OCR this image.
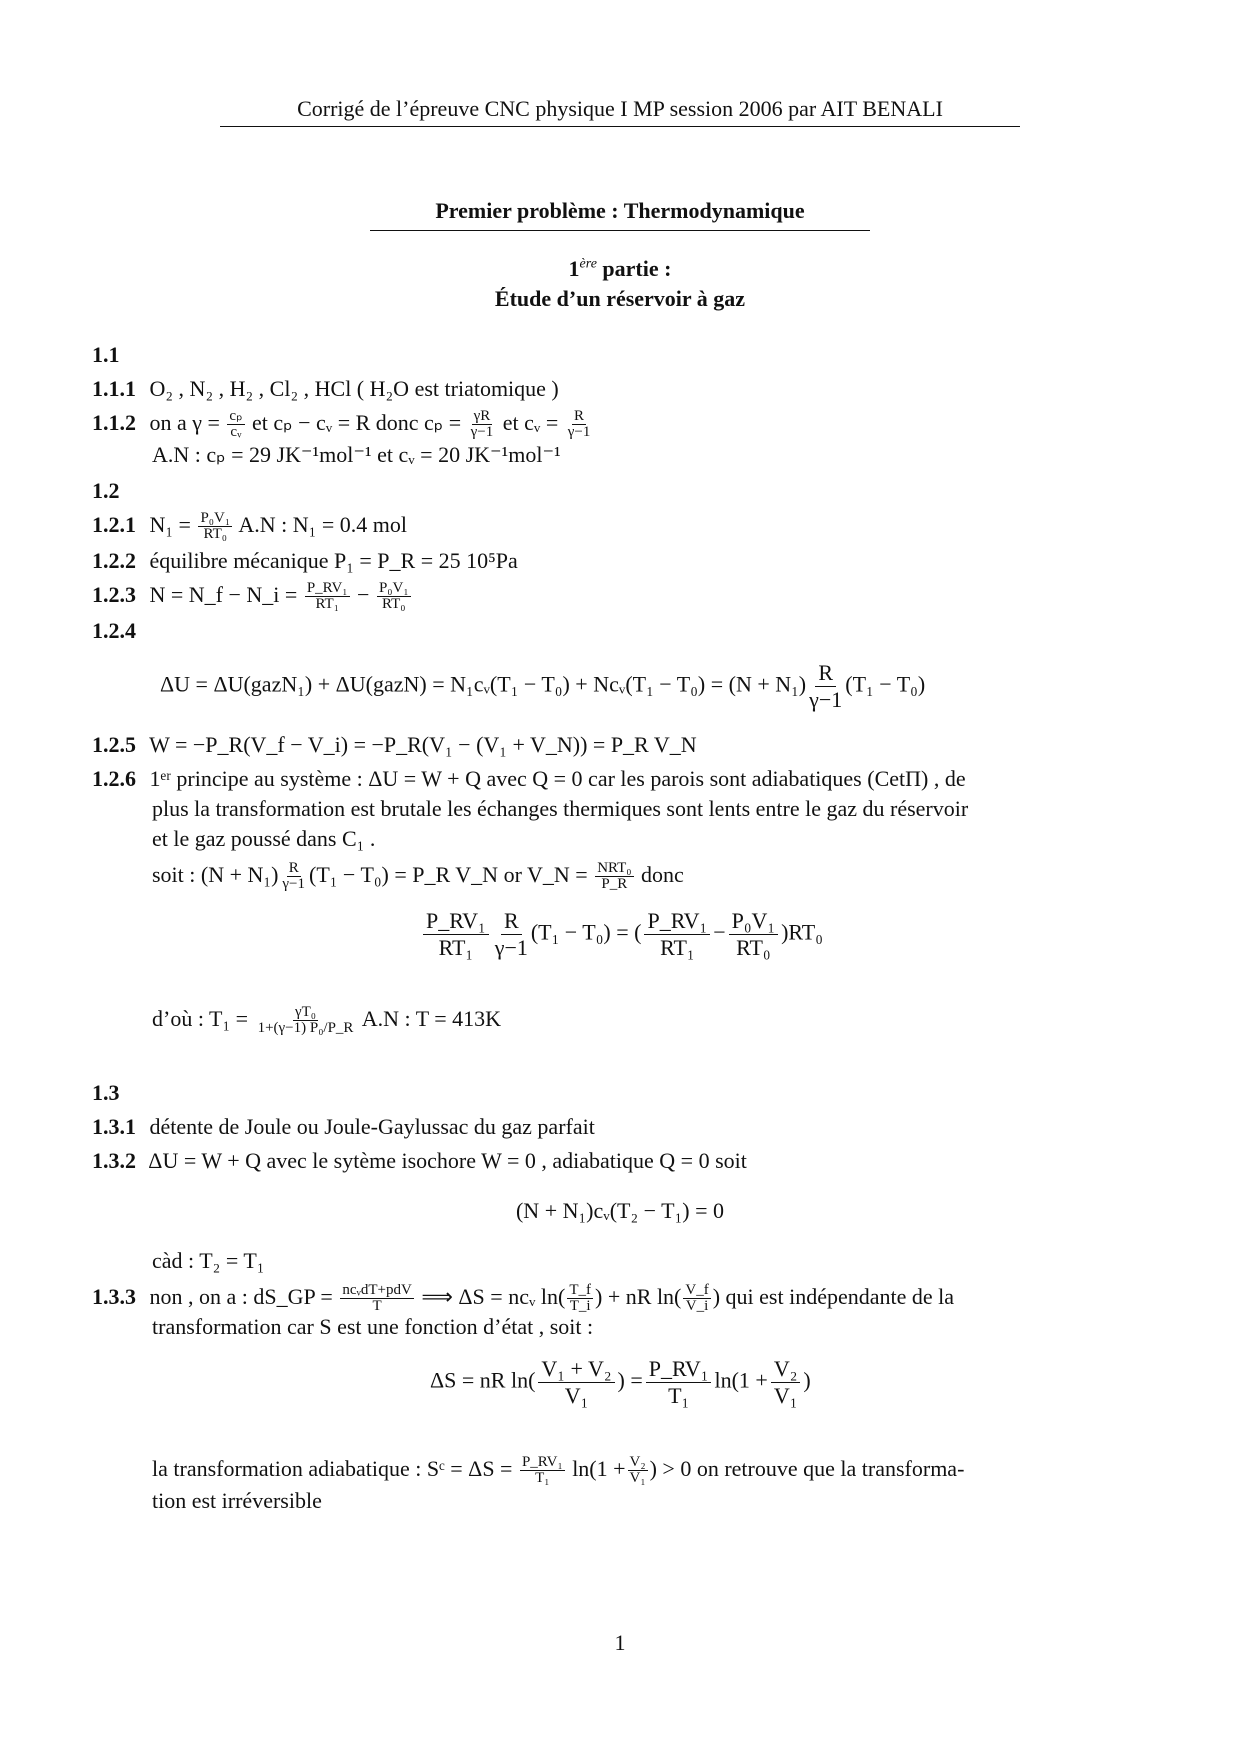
Corrigé de l’épreuve CNC physique I MP session 2006 par AIT BENALI
Premier problème : Thermodynamique
1ère partie :
Étude d’un réservoir à gaz
1.1
1.1.1 O₂ , N₂ , H₂ , Cl₂ , HCl ( H₂O est triatomique )
1.1.2 on a $\gamma = \frac{\text{cₚ}}{\text{cᵥ}}$ et cₚ − cᵥ = R donc $c_p = \frac{\gamma R}{\gamma-1}$ et cᵥ = $\frac{R}{\gamma-1}$
A.N : cₚ = 29 JK⁻¹mol⁻¹ et cᵥ = 20 JK⁻¹mol⁻¹
1.2
1.2.1 $N_1 = \frac{\text{P₀V₁}}{\text{RT₀}} A.N$ : N₁ = 0.4 mol
1.2.2 équilibre mécanique P₁ = P_R = 25 10⁵Pa
1.2.3 N = N_f − N_i = $\frac{\text{P\_RV₁}}{\text{RT₁}} - \frac{\text{P₀V₁}}{\text{RT₀}}$
1.2.4
ΔU = ΔU(gazN₁) + ΔU(gazN) = N₁cᵥ(T₁ − T₀) + Ncᵥ(T₁ − $T_0) = (N + N_1) \frac{R}{\gamma-1} (T_1 - T_0)$
1.2.5 W = −P_R(V_f − V_i) = −P_R(V₁ − (V₁ + V_N)) = P_R V_N
1.2.6 1ᵉʳ principe au système : ΔU = W + Q avec Q = 0 car les parois sont adiabatiques (CetΠ) , de
plus la transformation est brutale les échanges thermiques sont lents entre le gaz du réservoir
et le gaz poussé dans C₁ .
soit : $(N + N_1) \frac{R}{\gamma-1} (T_1 - T_0)$ = P_R V_N or V_N = NRT₀
P_R donc
$\frac{\text{P\_RV₁}}{\text{RT₁}} \frac{R}{\gamma-1} (T_1 - T_0)$ = ( $\frac{\text{P\_RV₁}}{\text{RT₁}} - \frac{\text{P₀V₁}}{\text{RT₀}} )RT_0$
d’où : $T_1 = \frac{\text{γT₀}}{\text{1+(γ−1) P₀/P\_R}} A.N$ : T = 413K
1.3
1.3.1 détente de Joule ou Joule-Gaylussac du gaz parfait
1.3.2 ΔU = W + Q avec le sytème isochore W = 0 , adiabatique Q = 0 soit
(N + N₁)cᵥ(T₂ − T₁) = 0
càd : T₂ = T₁
1.3.3 non , on a : dS_GP = ncᵥdT+pdV
T ⟹ ΔS = ncᵥ $\ln( \frac{T\_f}{T\_i}$ ) + nR $\ln( \frac{V\_f}{V\_i}$ ) qui est indépendante de la
transformation car S est une fonction d’état , soit :
ΔS = nR $\ln( \frac{\text{V₁ + V₂}}{\text{V₁}}$ ) = $\frac{\text{P\_RV₁}}{\text{T₁}} \ln(1 + \frac{\text{V₂}}{\text{V₁}}$ )
la transformation adiabatique : Sᶜ = $\Delta S = \frac{\text{P\_RV₁}}{\text{T₁}} \ln(1 + \frac{\text{V₂}}{\text{V₁}}$ ) > 0 on retrouve que la transforma-
tion est irréversible
1
